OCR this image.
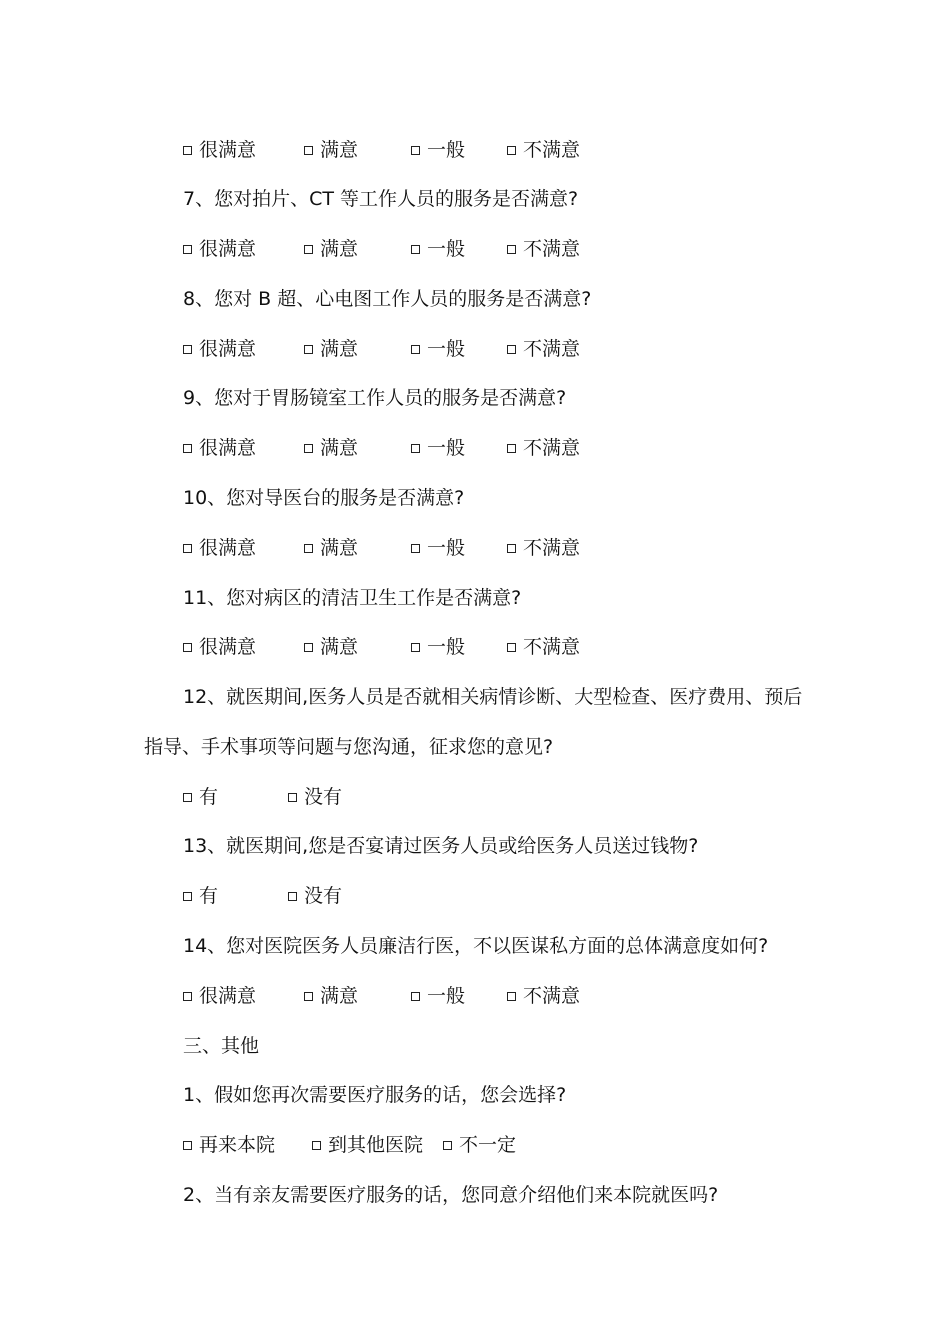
很满意	满意	一般	不满意
7、您对拍片、CT 等工作人员的服务是否满意?
很满意	满意	一般	不满意
8、您对 B 超、心电图工作人员的服务是否满意?
很满意	满意	一般	不满意
9、您对于胃肠镜室工作人员的服务是否满意?
很满意	满意	一般	不满意
10、您对导医台的服务是否满意?
很满意	满意	一般	不满意
11、您对病区的清洁卫生工作是否满意?
很满意	满意	一般	不满意
12、就医期间,医务人员是否就相关病情诊断、大型检查、医疗费用、预后
指导、手术事项等问题与您沟通，征求您的意见?
有	没有
13、就医期间,您是否宴请过医务人员或给医务人员送过钱物?
有	没有
14、您对医院医务人员廉洁行医，不以医谋私方面的总体满意度如何?
很满意	满意	一般	不满意
三、其他
1、假如您再次需要医疗服务的话，您会选择?
再来本院	到其他医院	不一定
2、当有亲友需要医疗服务的话，您同意介绍他们来本院就医吗?
